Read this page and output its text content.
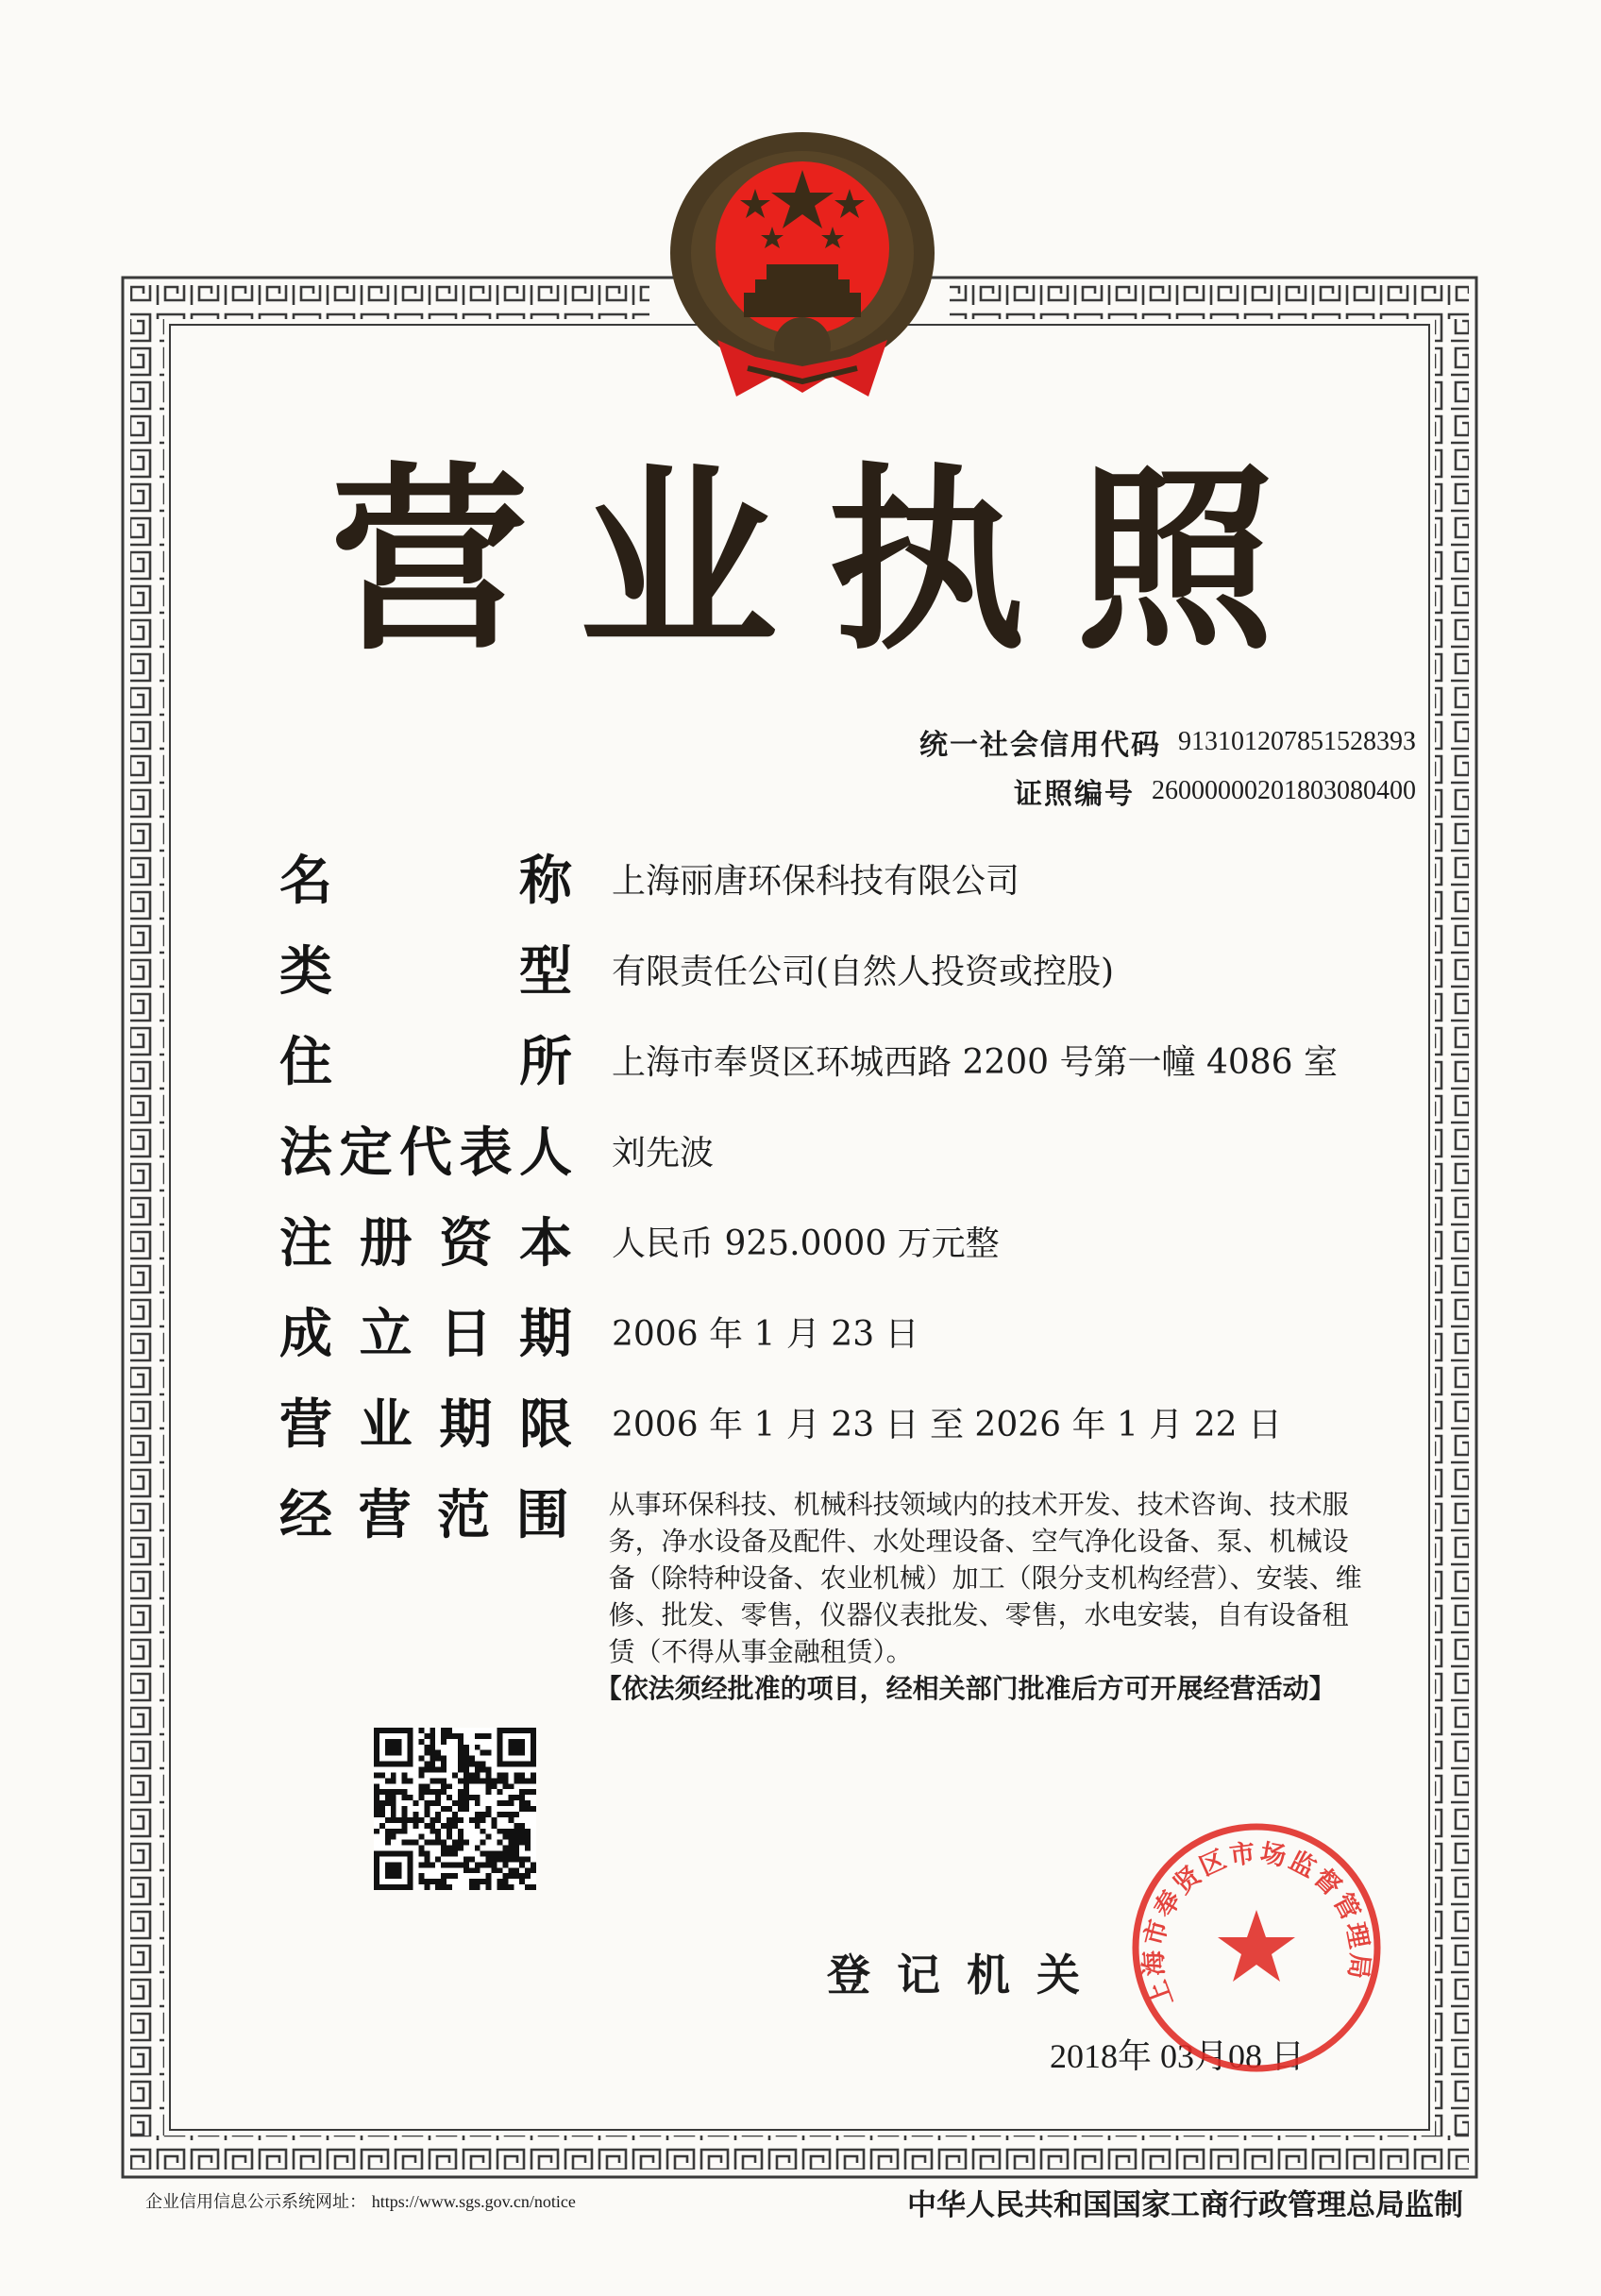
营 业 执 照
统一社会信用代码 91310120785152839З
证照编号 26000000201803080400
名	称 上海丽唐环保科技有限公司
类	型 有限责任公司(自然人投资或控股)
住	所 上海市奉贤区环城西路 2200 号第一幢 4086 室
法 定 代 表 人 刘先波
注 册 资 本 人民币 925.0000 万元整
成 立 日 期 2006 年 1 月 23 日
营 业 期 限 2006 年 1 月 23 日 至 2026 年 1 月 22 日
经 营 范 围 从事环保科技、机械科技领域内的技术开发、技术咨询、技术服务，净水设备及配件、水处理设备、空气净化设备、泵、机械设备（除特种设备、农业机械）加工（限分支机构经营）、安装、维修、批发、零售，仪器仪表批发、零售，水电安装，自有设备租赁（不得从事金融租赁）。
【依法须经批准的项目，经相关部门批准后方可开展经营活动】
登记机关
2018年 03月08 日
上海市奉贤区市场监督管理局
企业信用信息公示系统网址： https://www.sgs.gov.cn/notice	中华人民共和国国家工商行政管理总局监制
